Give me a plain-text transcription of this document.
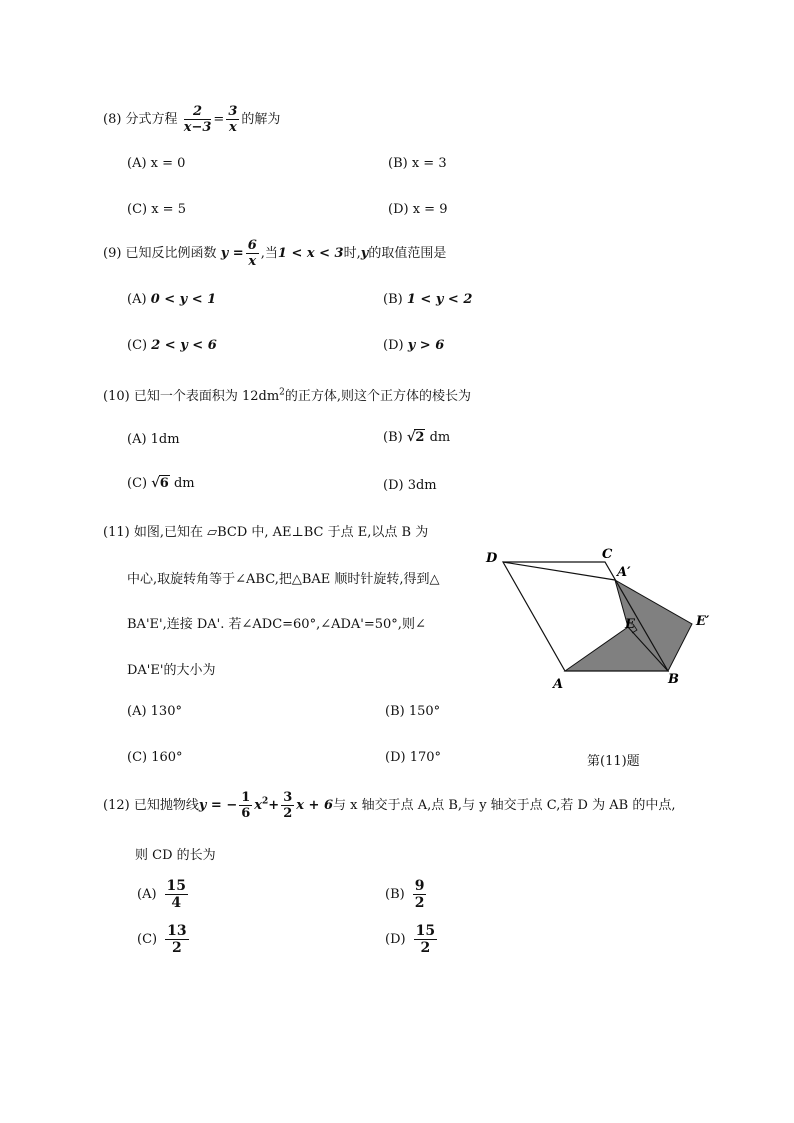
(8) 分式方程 $\frac{2}{x-3} = \frac{3}{x}$ 的解为
(A) x = 0	(B) x = 3
(C) x = 5	(D) x = 9
(9) 已知反比例函数 $y = \frac{6}{x}$ ,当1 < x < 3时,y的取值范围是
(A) 0 < y < 1	(B) 1 < y < 2
(C) 2 < y < 6	(D) y > 6
(10) 已知一个表面积为 $12dm^2$的正方体,则这个正方体的棱长为
(A) 1dm	(B) √2 dm
(C) √6 dm	(D) 3dm
(11) 如图,已知在 ▱BCD 中, AE⊥BC 于点 E,以点 B 为
中心,取旋转角等于∠ABC,把△BAE 顺时针旋转,得到△
BA'E',连接 DA'. 若∠ADC=60°,∠ADA'=50°,则∠
DA'E'的大小为
(A) 130°	(B) 150°
(C) 160°	(D) 170°	第(11)题
D	C
A′
E	E′
A	B
(12) 已知抛物线y = − $\frac{1}{6} x^2+ \frac{3}{2}$ x + 6与 x 轴交于点 A,点 B,与 y 轴交于点 C,若 D 为 AB 的中点,
则 CD 的长为
$(A) \frac{15}{4}$	$(B) \frac{9}{2}$
$(C) \frac{13}{2}$	$(D) \frac{15}{2}$
